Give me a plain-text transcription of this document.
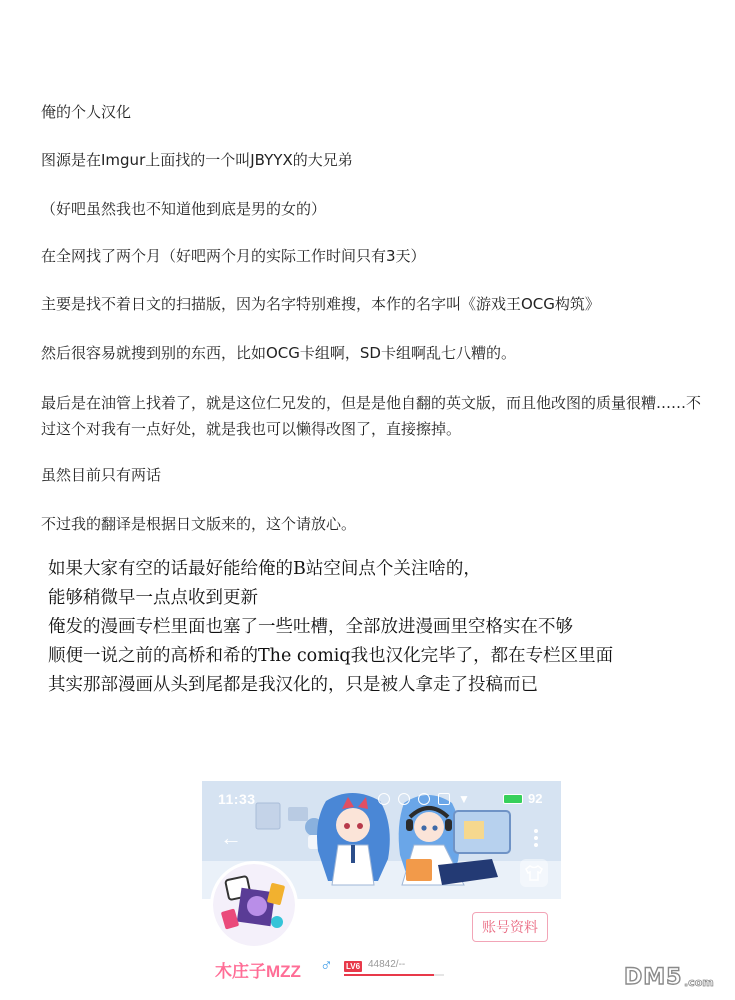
俺的个人汉化

图源是在Imgur上面找的一个叫JBYYX的大兄弟

（好吧虽然我也不知道他到底是男的女的）

在全网找了两个月（好吧两个月的实际工作时间只有3天）

主要是找不着日文的扫描版，因为名字特别难搜，本作的名字叫《游戏王OCG构筑》

然后很容易就搜到别的东西，比如OCG卡组啊，SD卡组啊乱七八糟的。

最后是在油管上找着了，就是这位仁兄发的，但是是他自翻的英文版，而且他改图的质量很糟……不过这个对我有一点好处，就是我也可以懒得改图了，直接擦掉。

虽然目前只有两话

不过我的翻译是根据日文版来的，这个请放心。

如果大家有空的话最好能给俺的B站空间点个关注啥的，
能够稍微早一点点收到更新
俺发的漫画专栏里面也塞了一些吐槽，全部放进漫画里空格实在不够
顺便一说之前的高桥和希的The comiq我也汉化完毕了，都在专栏区里面
其实那部漫画从头到尾都是我汉化的，只是被人拿走了投稿而已
11:33	▼	92
←
账号资料
木庄子MZZ ♂ LV6 44842/--
DM5 .com
